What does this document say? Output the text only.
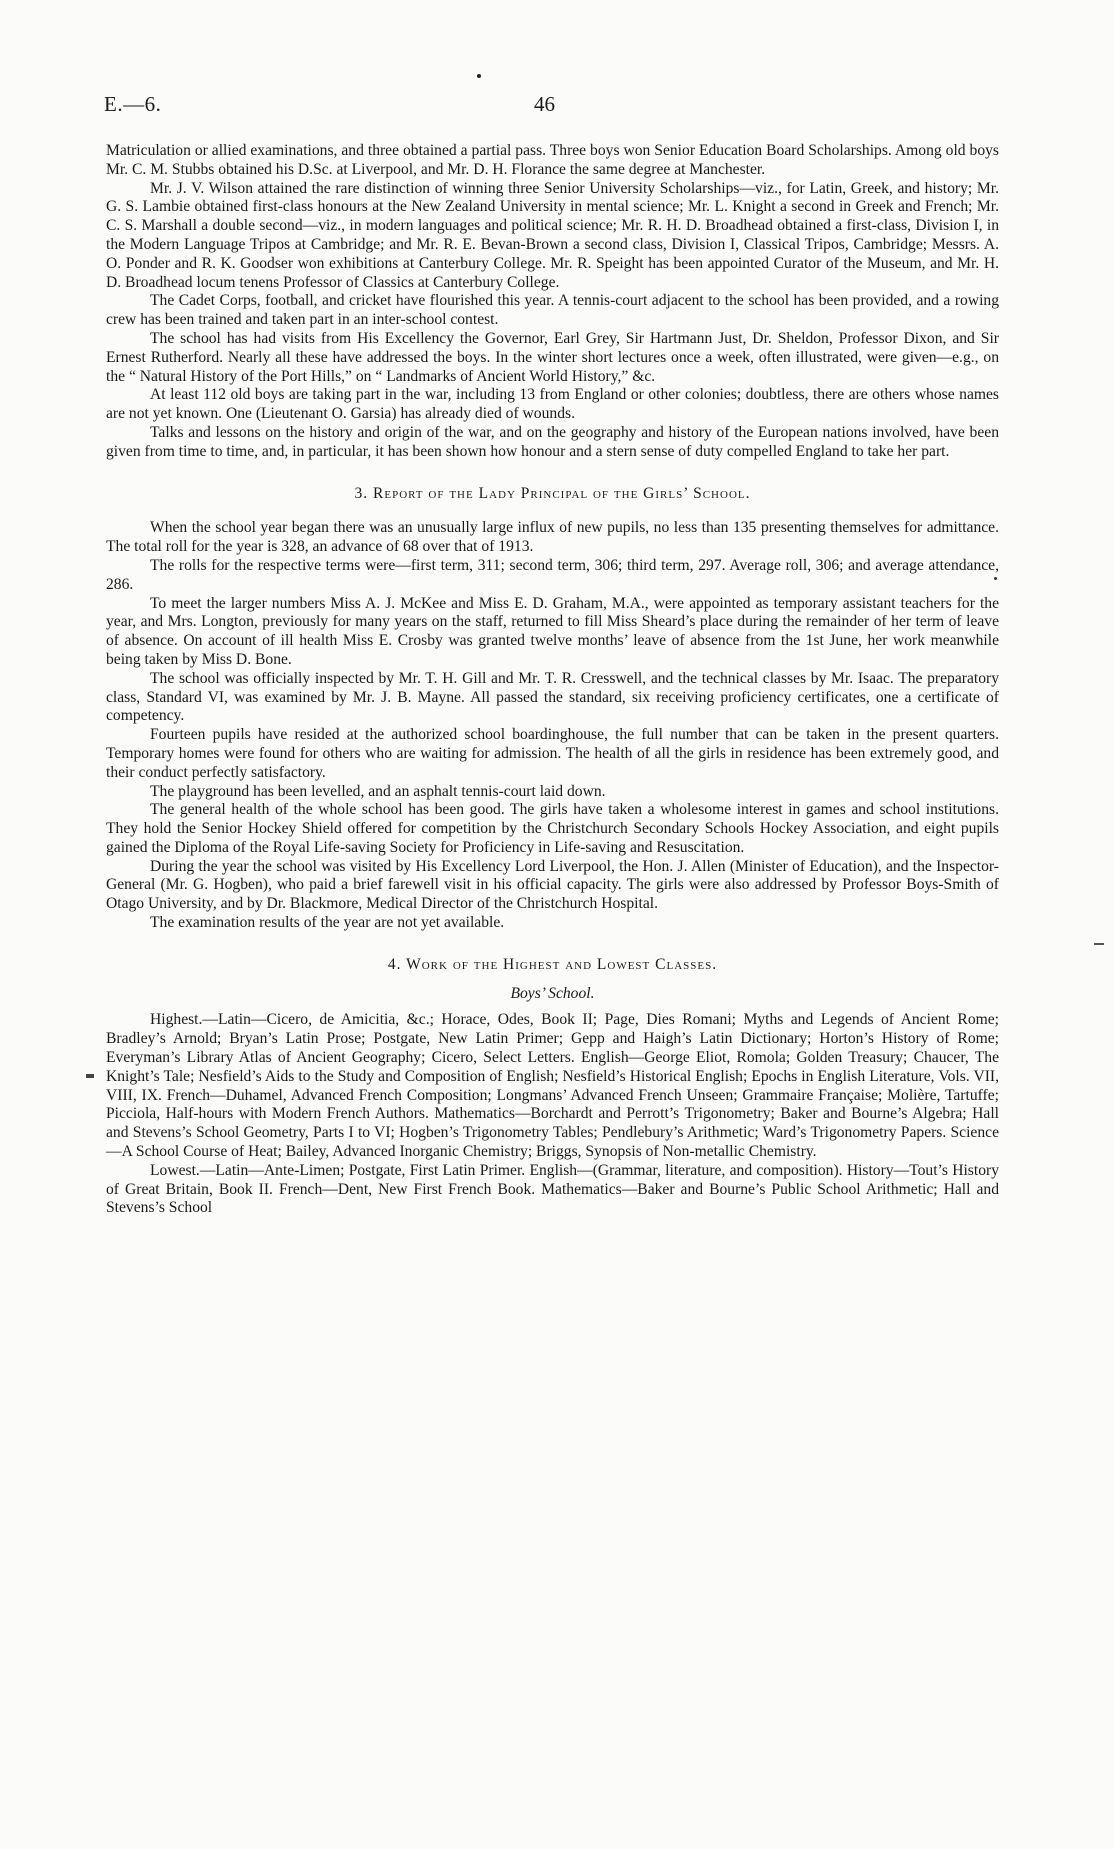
E.—6.	46

Matriculation or allied examinations, and three obtained a partial pass. Three boys won Senior Education Board Scholarships. Among old boys Mr. C. M. Stubbs obtained his D.Sc. at Liverpool, and Mr. D. H. Florance the same degree at Manchester.

Mr. J. V. Wilson attained the rare distinction of winning three Senior University Scholarships—viz., for Latin, Greek, and history; Mr. G. S. Lambie obtained first-class honours at the New Zealand University in mental science; Mr. L. Knight a second in Greek and French; Mr. C. S. Marshall a double second—viz., in modern languages and political science; Mr. R. H. D. Broadhead obtained a first-class, Division I, in the Modern Language Tripos at Cambridge; and Mr. R. E. Bevan-Brown a second class, Division I, Classical Tripos, Cambridge; Messrs. A. O. Ponder and R. K. Goodser won exhibitions at Canterbury College. Mr. R. Speight has been appointed Curator of the Museum, and Mr. H. D. Broadhead locum tenens Professor of Classics at Canterbury College.

The Cadet Corps, football, and cricket have flourished this year. A tennis-court adjacent to the school has been provided, and a rowing crew has been trained and taken part in an inter-school contest.

The school has had visits from His Excellency the Governor, Earl Grey, Sir Hartmann Just, Dr. Sheldon, Professor Dixon, and Sir Ernest Rutherford. Nearly all these have addressed the boys. In the winter short lectures once a week, often illustrated, were given—e.g., on the “ Natural History of the Port Hills,” on “ Landmarks of Ancient World History,” &c.

At least 112 old boys are taking part in the war, including 13 from England or other colonies; doubtless, there are others whose names are not yet known. One (Lieutenant O. Garsia) has already died of wounds.

Talks and lessons on the history and origin of the war, and on the geography and history of the European nations involved, have been given from time to time, and, in particular, it has been shown how honour and a stern sense of duty compelled England to take her part.

3. Report of the Lady Principal of the Girls’ School.

When the school year began there was an unusually large influx of new pupils, no less than 135 presenting themselves for admittance. The total roll for the year is 328, an advance of 68 over that of 1913.

The rolls for the respective terms were—first term, 311; second term, 306; third term, 297. Average roll, 306; and average attendance, 286.

To meet the larger numbers Miss A. J. McKee and Miss E. D. Graham, M.A., were appointed as temporary assistant teachers for the year, and Mrs. Longton, previously for many years on the staff, returned to fill Miss Sheard’s place during the remainder of her term of leave of absence. On account of ill health Miss E. Crosby was granted twelve months’ leave of absence from the 1st June, her work meanwhile being taken by Miss D. Bone.

The school was officially inspected by Mr. T. H. Gill and Mr. T. R. Cresswell, and the technical classes by Mr. Isaac. The preparatory class, Standard VI, was examined by Mr. J. B. Mayne. All passed the standard, six receiving proficiency certificates, one a certificate of competency.

Fourteen pupils have resided at the authorized school boardinghouse, the full number that can be taken in the present quarters. Temporary homes were found for others who are waiting for admission. The health of all the girls in residence has been extremely good, and their conduct perfectly satisfactory.

The playground has been levelled, and an asphalt tennis-court laid down.

The general health of the whole school has been good. The girls have taken a wholesome interest in games and school institutions. They hold the Senior Hockey Shield offered for competition by the Christchurch Secondary Schools Hockey Association, and eight pupils gained the Diploma of the Royal Life-saving Society for Proficiency in Life-saving and Resuscitation.

During the year the school was visited by His Excellency Lord Liverpool, the Hon. J. Allen (Minister of Education), and the Inspector-General (Mr. G. Hogben), who paid a brief farewell visit in his official capacity. The girls were also addressed by Professor Boys-Smith of Otago University, and by Dr. Blackmore, Medical Director of the Christchurch Hospital.

The examination results of the year are not yet available.

4. Work of the Highest and Lowest Classes.

Boys’ School.

Highest.—Latin—Cicero, de Amicitia, &c.; Horace, Odes, Book II; Page, Dies Romani; Myths and Legends of Ancient Rome; Bradley’s Arnold; Bryan’s Latin Prose; Postgate, New Latin Primer; Gepp and Haigh’s Latin Dictionary; Horton’s History of Rome; Everyman’s Library Atlas of Ancient Geography; Cicero, Select Letters. English—George Eliot, Romola; Golden Treasury; Chaucer, The Knight’s Tale; Nesfield’s Aids to the Study and Composition of English; Nesfield’s Historical English; Epochs in English Literature, Vols. VII, VIII, IX. French—Duhamel, Advanced French Composition; Longmans’ Advanced French Unseen; Grammaire Française; Molière, Tartuffe; Picciola, Half-hours with Modern French Authors. Mathematics—Borchardt and Perrott’s Trigonometry; Baker and Bourne’s Algebra; Hall and Stevens’s School Geometry, Parts I to VI; Hogben’s Trigonometry Tables; Pendlebury’s Arithmetic; Ward’s Trigonometry Papers. Science—A School Course of Heat; Bailey, Advanced Inorganic Chemistry; Briggs, Synopsis of Non-metallic Chemistry.

Lowest.—Latin—Ante-Limen; Postgate, First Latin Primer. English—(Grammar, literature, and composition). History—Tout’s History of Great Britain, Book II. French—Dent, New First French Book. Mathematics—Baker and Bourne’s Public School Arithmetic; Hall and Stevens’s School
